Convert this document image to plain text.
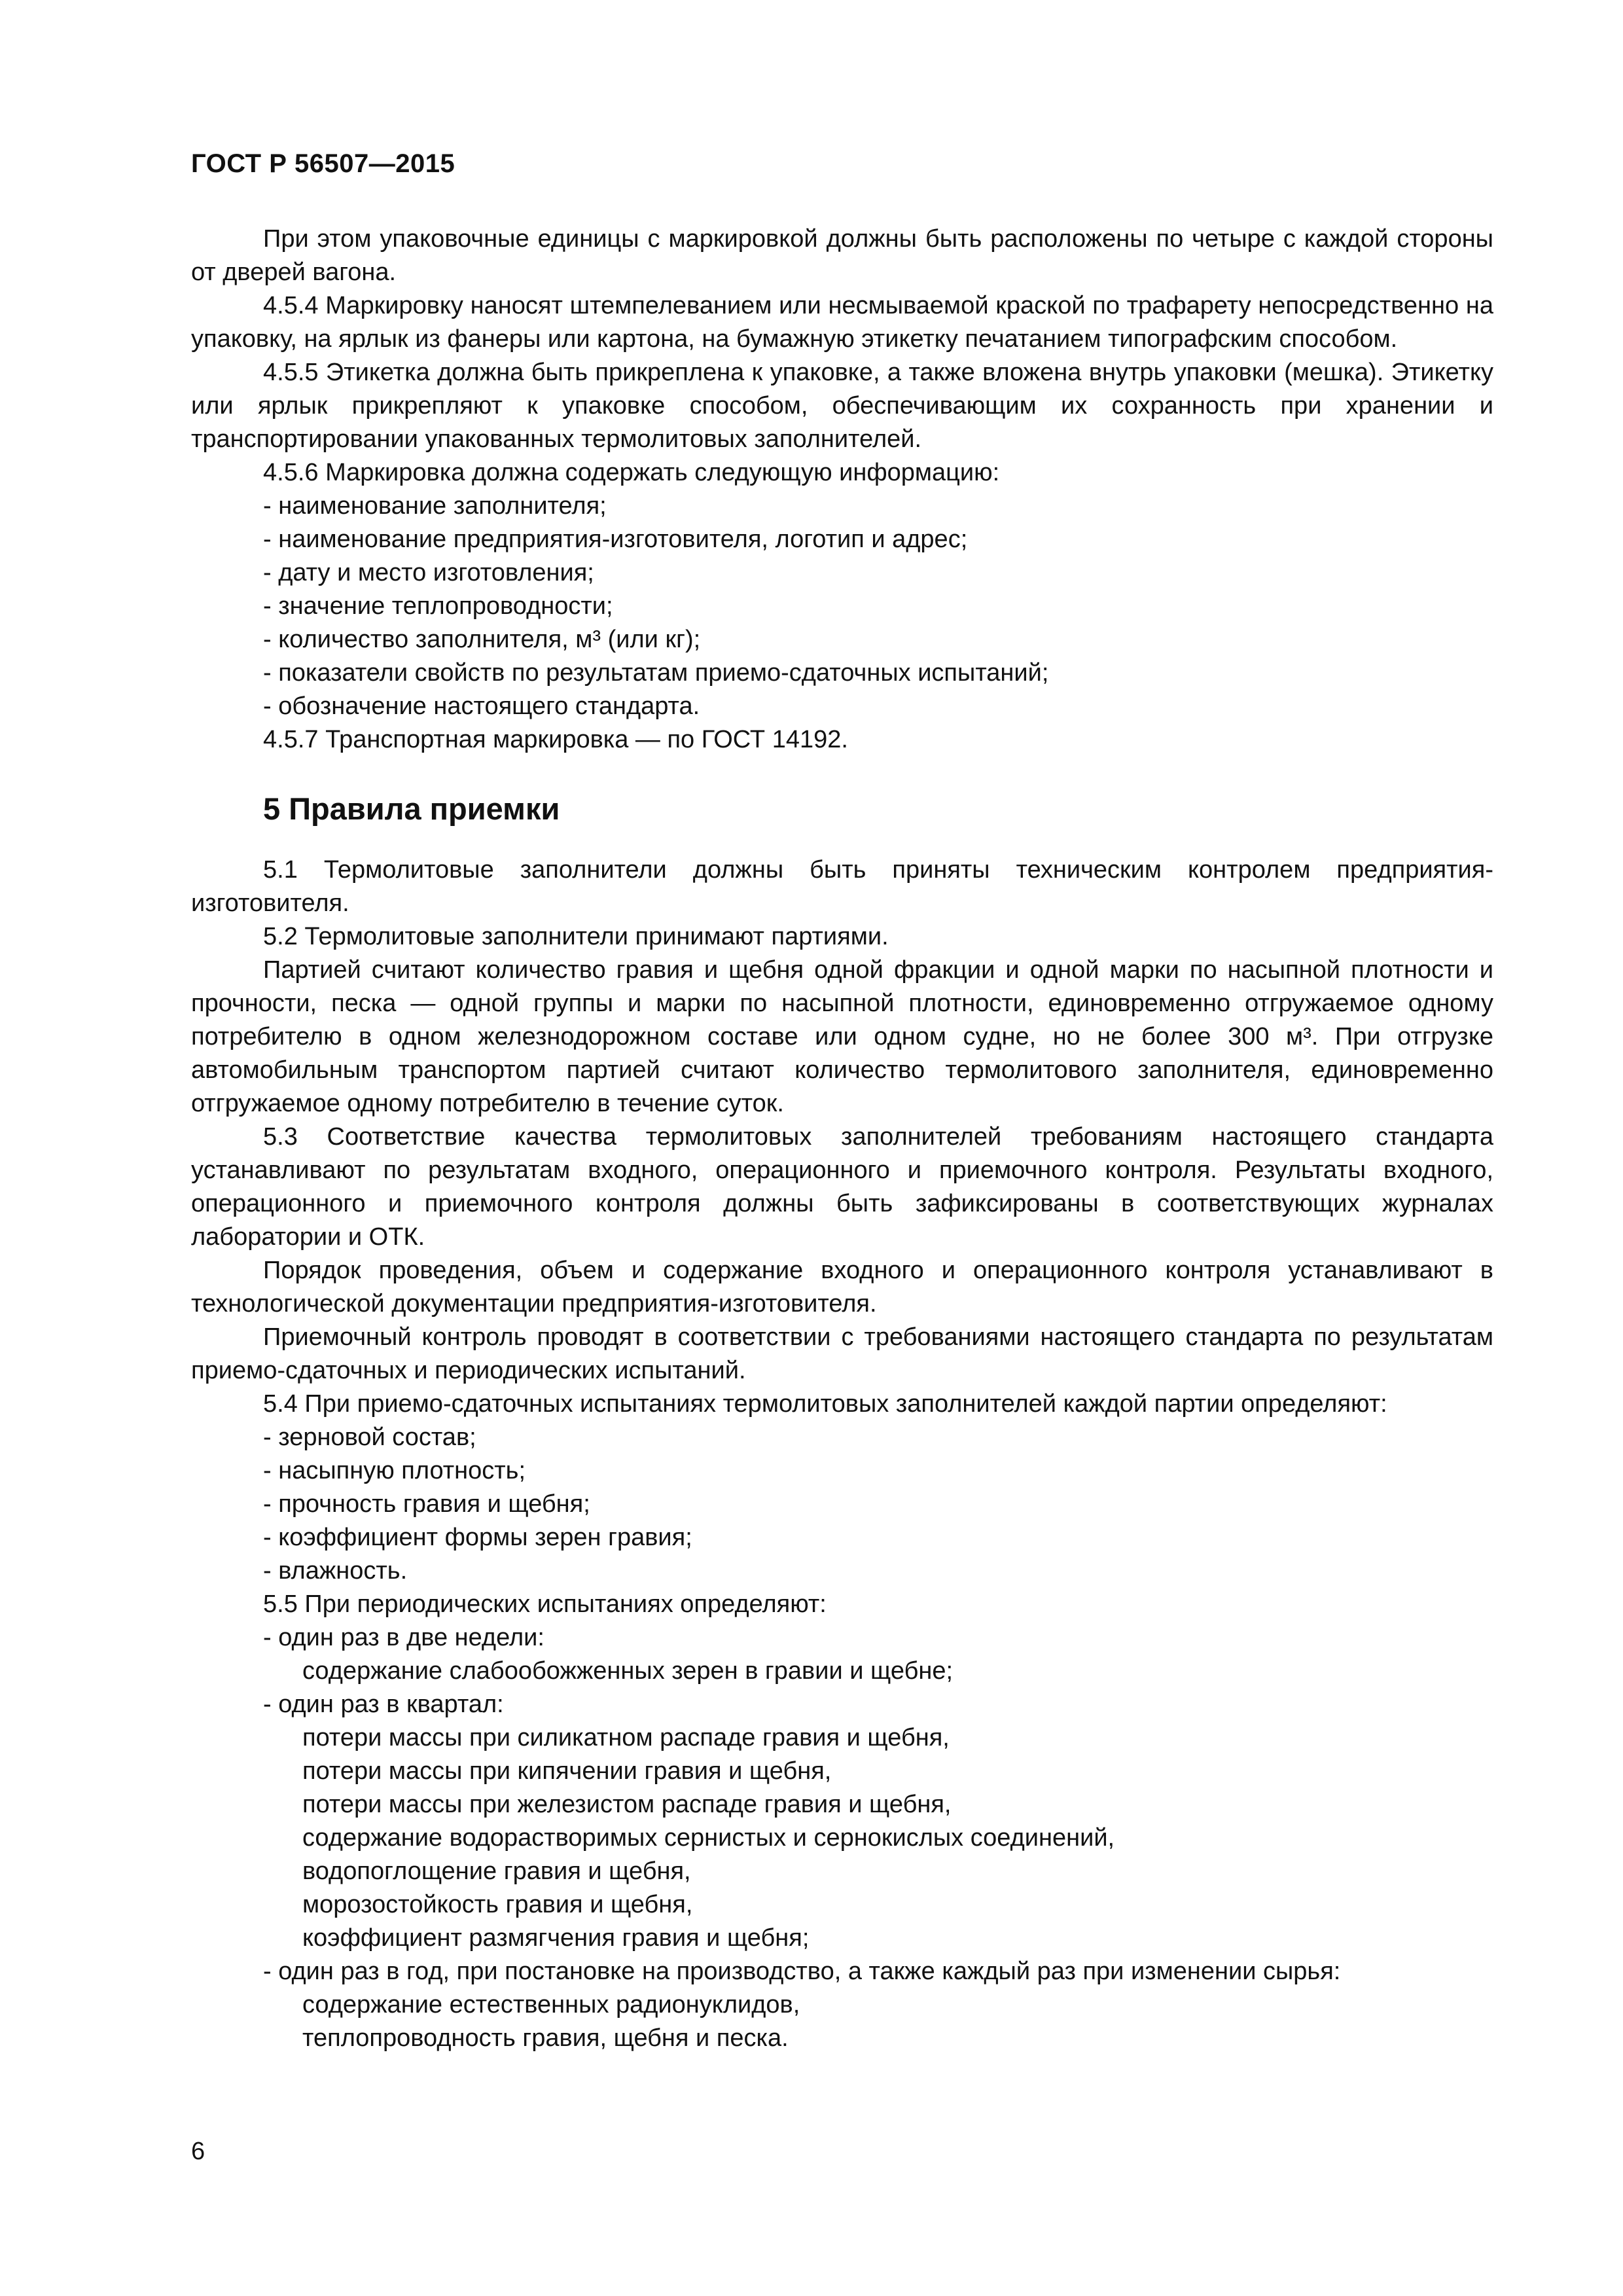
ГОСТ Р 56507—2015

При этом упаковочные единицы с маркировкой должны быть расположены по четыре с каждой стороны от дверей вагона.

4.5.4 Маркировку наносят штемпелеванием или несмываемой краской по трафарету непосредственно на упаковку, на ярлык из фанеры или картона, на бумажную этикетку печатанием типографским способом.

4.5.5 Этикетка должна быть прикреплена к упаковке, а также вложена внутрь упаковки (мешка). Этикетку или ярлык прикрепляют к упаковке способом, обеспечивающим их сохранность при хранении и транспортировании упакованных термолитовых заполнителей.

4.5.6 Маркировка должна содержать следующую информацию:

- наименование заполнителя;

- наименование предприятия-изготовителя, логотип и адрес;

- дату и место изготовления;

- значение теплопроводности;

- количество заполнителя, м³ (или кг);

- показатели свойств по результатам приемо-сдаточных испытаний;

- обозначение настоящего стандарта.

4.5.7 Транспортная маркировка — по ГОСТ 14192.

5 Правила приемки

5.1 Термолитовые заполнители должны быть приняты техническим контролем предприятия-изготовителя.

5.2 Термолитовые заполнители принимают партиями.

Партией считают количество гравия и щебня одной фракции и одной марки по насыпной плотности и прочности, песка — одной группы и марки по насыпной плотности, единовременно отгружаемое одному потребителю в одном железнодорожном составе или одном судне, но не более 300 м³. При отгрузке автомобильным транспортом партией считают количество термолитового заполнителя, единовременно отгружаемое одному потребителю в течение суток.

5.3 Соответствие качества термолитовых заполнителей требованиям настоящего стандарта устанавливают по результатам входного, операционного и приемочного контроля. Результаты входного, операционного и приемочного контроля должны быть зафиксированы в соответствующих журналах лаборатории и ОТК.

Порядок проведения, объем и содержание входного и операционного контроля устанавливают в технологической документации предприятия-изготовителя.

Приемочный контроль проводят в соответствии с требованиями настоящего стандарта по результатам приемо-сдаточных и периодических испытаний.

5.4 При приемо-сдаточных испытаниях термолитовых заполнителей каждой партии определяют:

- зерновой состав;

- насыпную плотность;

- прочность гравия и щебня;

- коэффициент формы зерен гравия;

- влажность.

5.5 При периодических испытаниях определяют:

- один раз в две недели:

содержание слабообожженных зерен в гравии и щебне;

- один раз в квартал:

потери массы при силикатном распаде гравия и щебня,

потери массы при кипячении гравия и щебня,

потери массы при железистом распаде гравия и щебня,

содержание водорастворимых сернистых и сернокислых соединений,

водопоглощение гравия и щебня,

морозостойкость гравия и щебня,

коэффициент размягчения гравия и щебня;

- один раз в год, при постановке на производство, а также каждый раз при изменении сырья:

содержание естественных радионуклидов,

теплопроводность гравия, щебня и песка.

6
